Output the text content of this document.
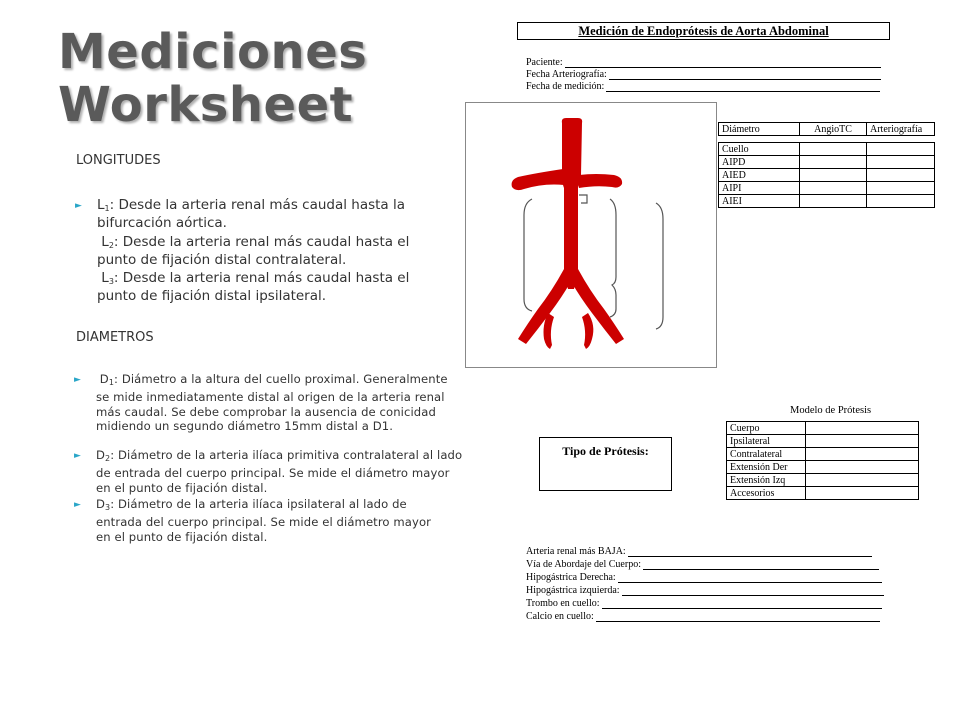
Mediciones
Worksheet
LONGITUDES
► $L_1$: Desde la arteria renal más caudal hasta la bifurcación aórtica.
$L_2$: Desde la arteria renal más caudal hasta el punto de fijación distal contralateral.
$L_3$: Desde la arteria renal más caudal hasta el punto de fijación distal ipsilateral.
DIAMETROS
► $D_1$: Diámetro a la altura del cuello proximal. Generalmente se mide inmediatamente distal al origen de la arteria renal más caudal. Se debe comprobar la ausencia de conicidad midiendo un segundo diámetro 15mm distal a D1.
► $D_2$: Diámetro de la arteria ilíaca primitiva contralateral al lado de entrada del cuerpo principal. Se mide el diámetro mayor en el punto de fijación distal.
► $D_3$: Diámetro de la arteria ilíaca ipsilateral al lado de entrada del cuerpo principal. Se mide el diámetro mayor en el punto de fijación distal.
Medición de Endoprótesis de Aorta Abdominal
Paciente:
Fecha Arteriografía:
Fecha de medición:
Diámetro	AngioTC	Arteriografía

Cuello		
AIPD		
AIED		
AIPI		
AIEI		
Modelo de Prótesis
Cuerpo	
Ipsilateral	
Contralateral	
Extensión Der	
Extensión Izq	
Accesorios	
Tipo de Prótesis:
Arteria renal más BAJA:
Vía de Abordaje del Cuerpo:
Hipogástrica Derecha:
Hipogástrica izquierda:
Trombo en cuello:
Calcio en cuello:
